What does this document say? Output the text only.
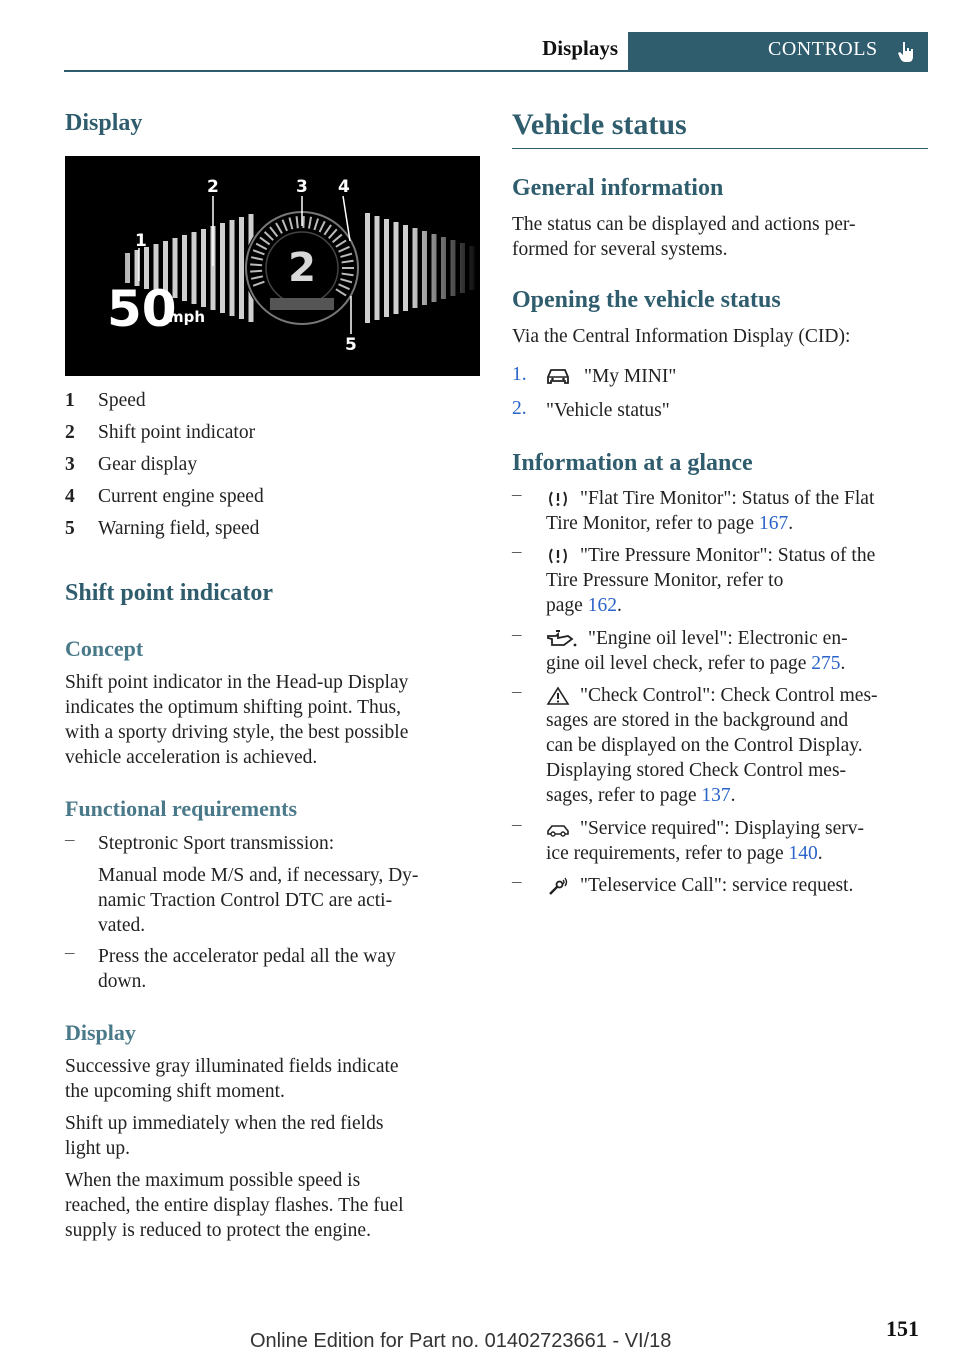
Displays	CONTROLS
Display
2
50
mph
1
2	3 4
5
1 Speed
2 Shift point indicator
3 Gear display
4 Current engine speed
5 Warning field, speed
Shift point indicator
Concept
Shift point indicator in the Head-up Display
indicates the optimum shifting point. Thus,
with a sporty driving style, the best possible
vehicle acceleration is achieved.
Functional requirements
– Steptronic Sport transmission:
Manual mode M/S and, if necessary, Dy-
namic Traction Control DTC are acti-
vated.
– Press the accelerator pedal all the way
down.
Display
Successive gray illuminated fields indicate
the upcoming shift moment.
Shift up immediately when the red fields
light up.
When the maximum possible speed is
reached, the entire display flashes. The fuel
supply is reduced to protect the engine.
Vehicle status
General information
The status can be displayed and actions per-
formed for several systems.
Opening the vehicle status
Via the Central Information Display (CID):
1.	"My MINI"
2. "Vehicle status"
Information at a glance
–	"Flat Tire Monitor": Status of the Flat
Tire Monitor, refer to page 167.
–	"Tire Pressure Monitor": Status of the
Tire Pressure Monitor, refer to
page 162.
–	"Engine oil level": Electronic en-
gine oil level check, refer to page 275.
–	"Check Control": Check Control mes-
sages are stored in the background and
can be displayed on the Control Display.
Displaying stored Check Control mes-
sages, refer to page 137.
–	"Service required": Displaying serv-
ice requirements, refer to page 140.
–	"Teleservice Call": service request.
151
Online Edition for Part no. 01402723661 - VI/18
